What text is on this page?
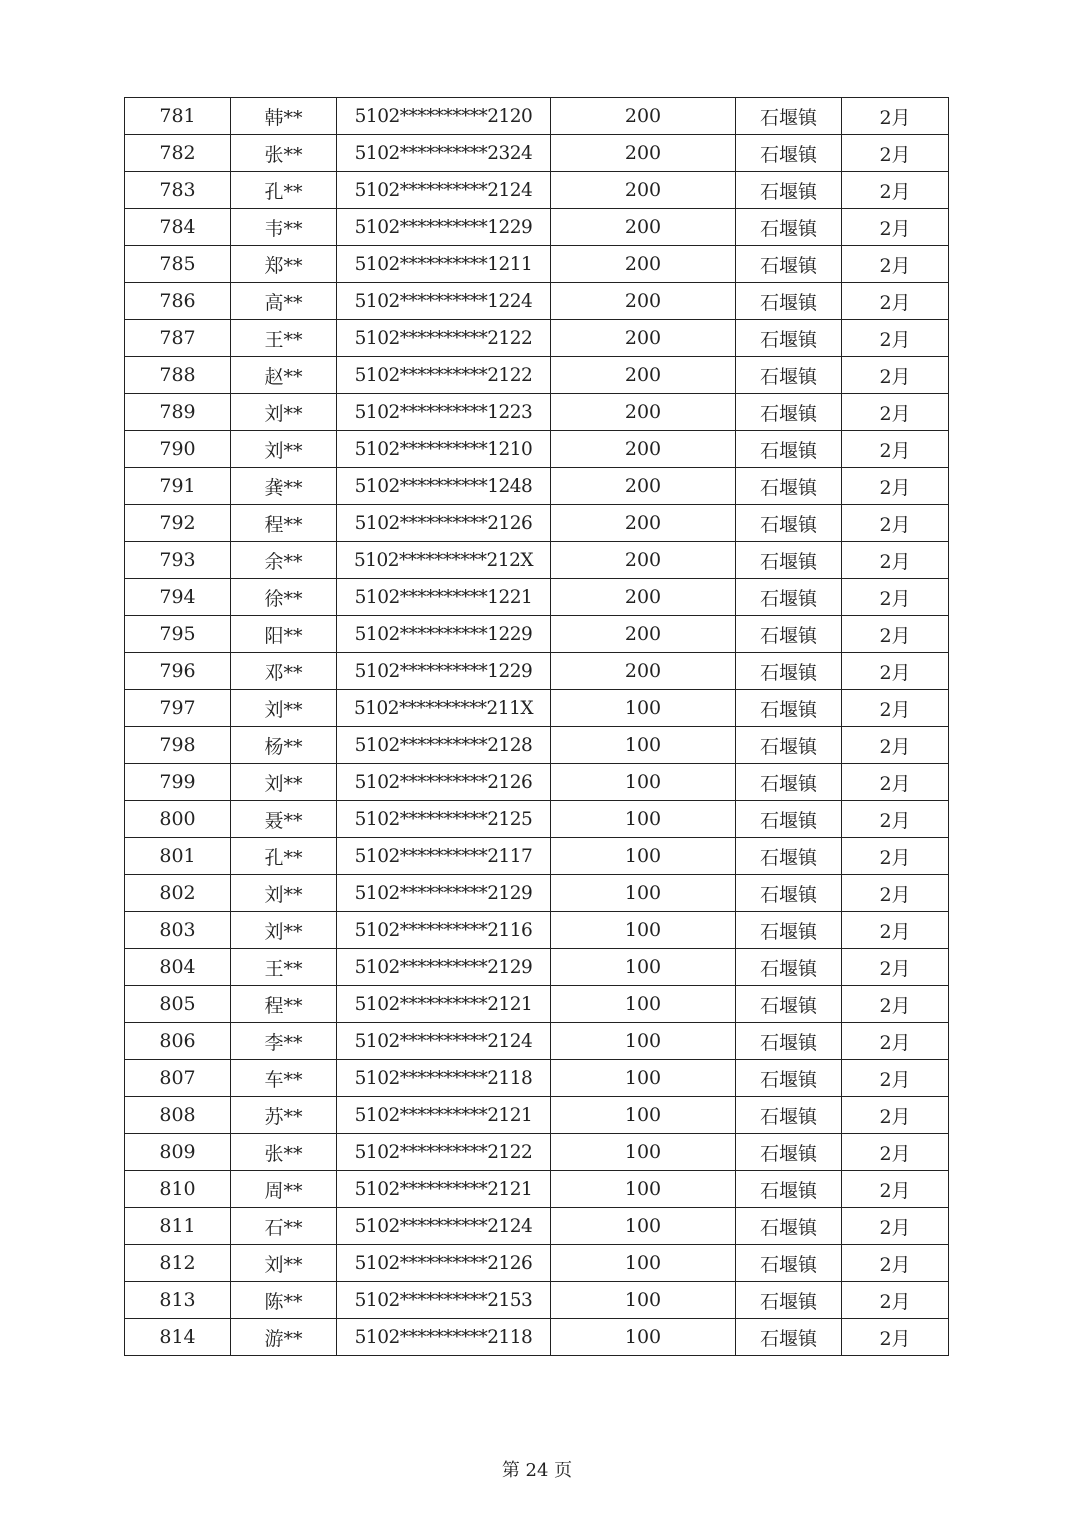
781	韩**	5102**********2120	200	石堰镇	2月
782	张**	5102**********2324	200	石堰镇	2月
783	孔**	5102**********2124	200	石堰镇	2月
784	韦**	5102**********1229	200	石堰镇	2月
785	郑**	5102**********1211	200	石堰镇	2月
786	高**	5102**********1224	200	石堰镇	2月
787	王**	5102**********2122	200	石堰镇	2月
788	赵**	5102**********2122	200	石堰镇	2月
789	刘**	5102**********1223	200	石堰镇	2月
790	刘**	5102**********1210	200	石堰镇	2月
791	龚**	5102**********1248	200	石堰镇	2月
792	程**	5102**********2126	200	石堰镇	2月
793	余**	5102**********212X	200	石堰镇	2月
794	徐**	5102**********1221	200	石堰镇	2月
795	阳**	5102**********1229	200	石堰镇	2月
796	邓**	5102**********1229	200	石堰镇	2月
797	刘**	5102**********211X	100	石堰镇	2月
798	杨**	5102**********2128	100	石堰镇	2月
799	刘**	5102**********2126	100	石堰镇	2月
800	聂**	5102**********2125	100	石堰镇	2月
801	孔**	5102**********2117	100	石堰镇	2月
802	刘**	5102**********2129	100	石堰镇	2月
803	刘**	5102**********2116	100	石堰镇	2月
804	王**	5102**********2129	100	石堰镇	2月
805	程**	5102**********2121	100	石堰镇	2月
806	李**	5102**********2124	100	石堰镇	2月
807	车**	5102**********2118	100	石堰镇	2月
808	苏**	5102**********2121	100	石堰镇	2月
809	张**	5102**********2122	100	石堰镇	2月
810	周**	5102**********2121	100	石堰镇	2月
811	石**	5102**********2124	100	石堰镇	2月
812	刘**	5102**********2126	100	石堰镇	2月
813	陈**	5102**********2153	100	石堰镇	2月
814	游**	5102**********2118	100	石堰镇	2月
第 24 页
